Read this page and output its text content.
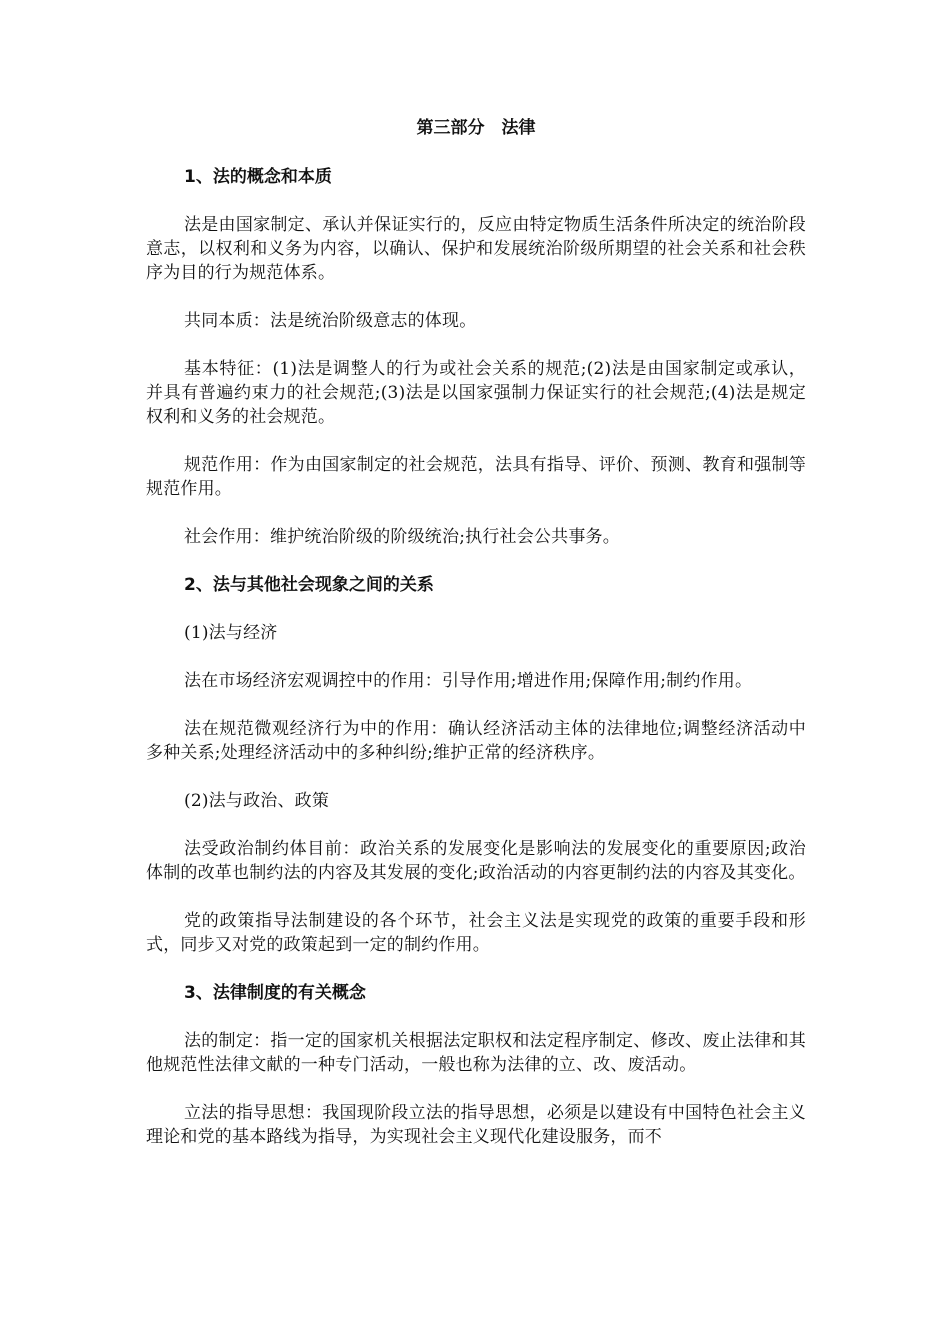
第三部分　法律
1、法的概念和本质

法是由国家制定、承认并保证实行的，反应由特定物质生活条件所决定的统治阶段意志，以权利和义务为内容，以确认、保护和发展统治阶级所期望的社会关系和社会秩序为目的行为规范体系。

共同本质：法是统治阶级意志的体现。

基本特征：(1)法是调整人的行为或社会关系的规范;(2)法是由国家制定或承认，并具有普遍约束力的社会规范;(3)法是以国家强制力保证实行的社会规范;(4)法是规定权利和义务的社会规范。

规范作用：作为由国家制定的社会规范，法具有指导、评价、预测、教育和强制等规范作用。

社会作用：维护统治阶级的阶级统治;执行社会公共事务。

2、法与其他社会现象之间的关系

(1)法与经济

法在市场经济宏观调控中的作用：引导作用;增进作用;保障作用;制约作用。

法在规范微观经济行为中的作用：确认经济活动主体的法律地位;调整经济活动中多种关系;处理经济活动中的多种纠纷;维护正常的经济秩序。

(2)法与政治、政策

法受政治制约体目前：政治关系的发展变化是影响法的发展变化的重要原因;政治体制的改革也制约法的内容及其发展的变化;政治活动的内容更制约法的内容及其变化。

党的政策指导法制建设的各个环节，社会主义法是实现党的政策的重要手段和形式，同步又对党的政策起到一定的制约作用。

3、法律制度的有关概念

法的制定：指一定的国家机关根据法定职权和法定程序制定、修改、废止法律和其他规范性法律文献的一种专门活动，一般也称为法律的立、改、废活动。

立法的指导思想：我国现阶段立法的指导思想，必须是以建设有中国特色社会主义理论和党的基本路线为指导，为实现社会主义现代化建设服务，而不
